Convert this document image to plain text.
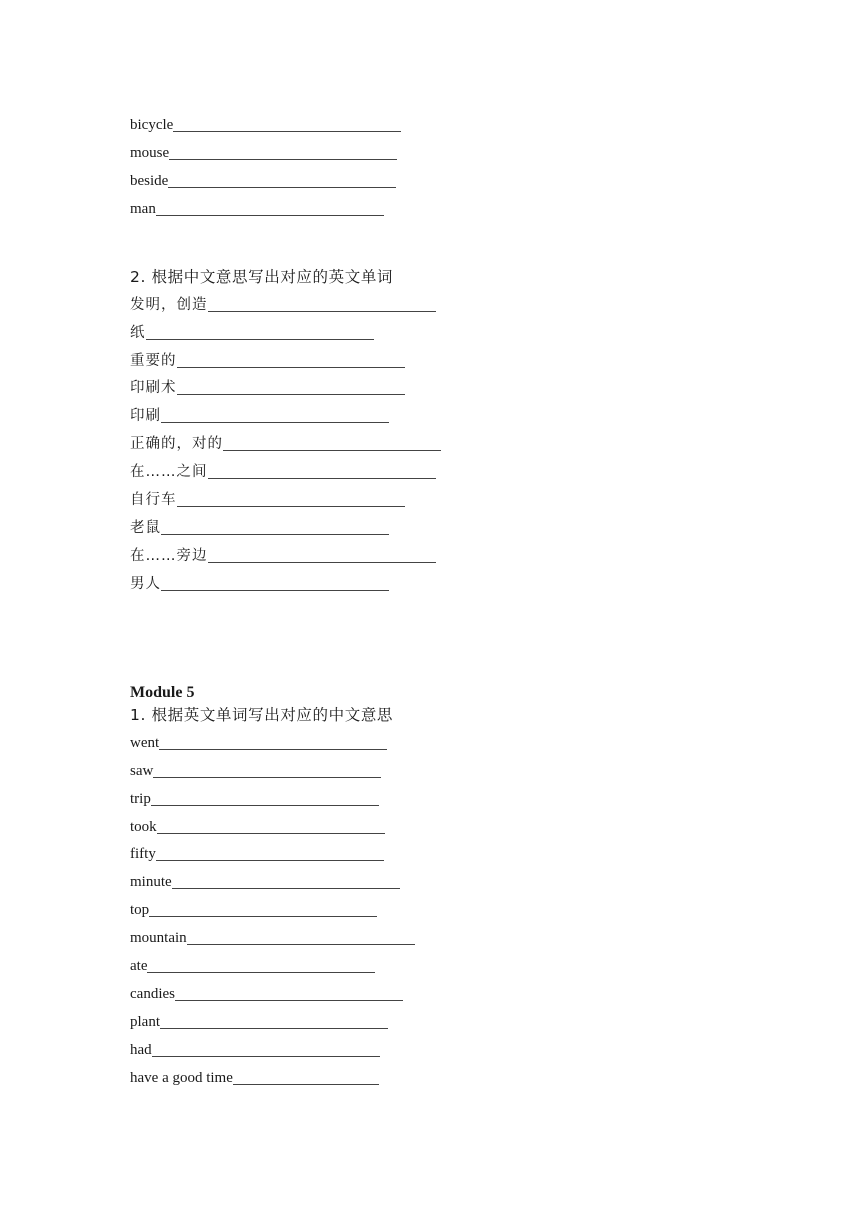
bicycle
mouse
beside
man
2. 根据中文意思写出对应的英文单词
发明，创造
纸
重要的
印刷术
印刷
正确的，对的
在……之间
自行车
老鼠
在……旁边
男人
Module 5
1. 根据英文单词写出对应的中文意思
went
saw
trip
took
fifty
minute
top
mountain
ate
candies
plant
had
have a good time
